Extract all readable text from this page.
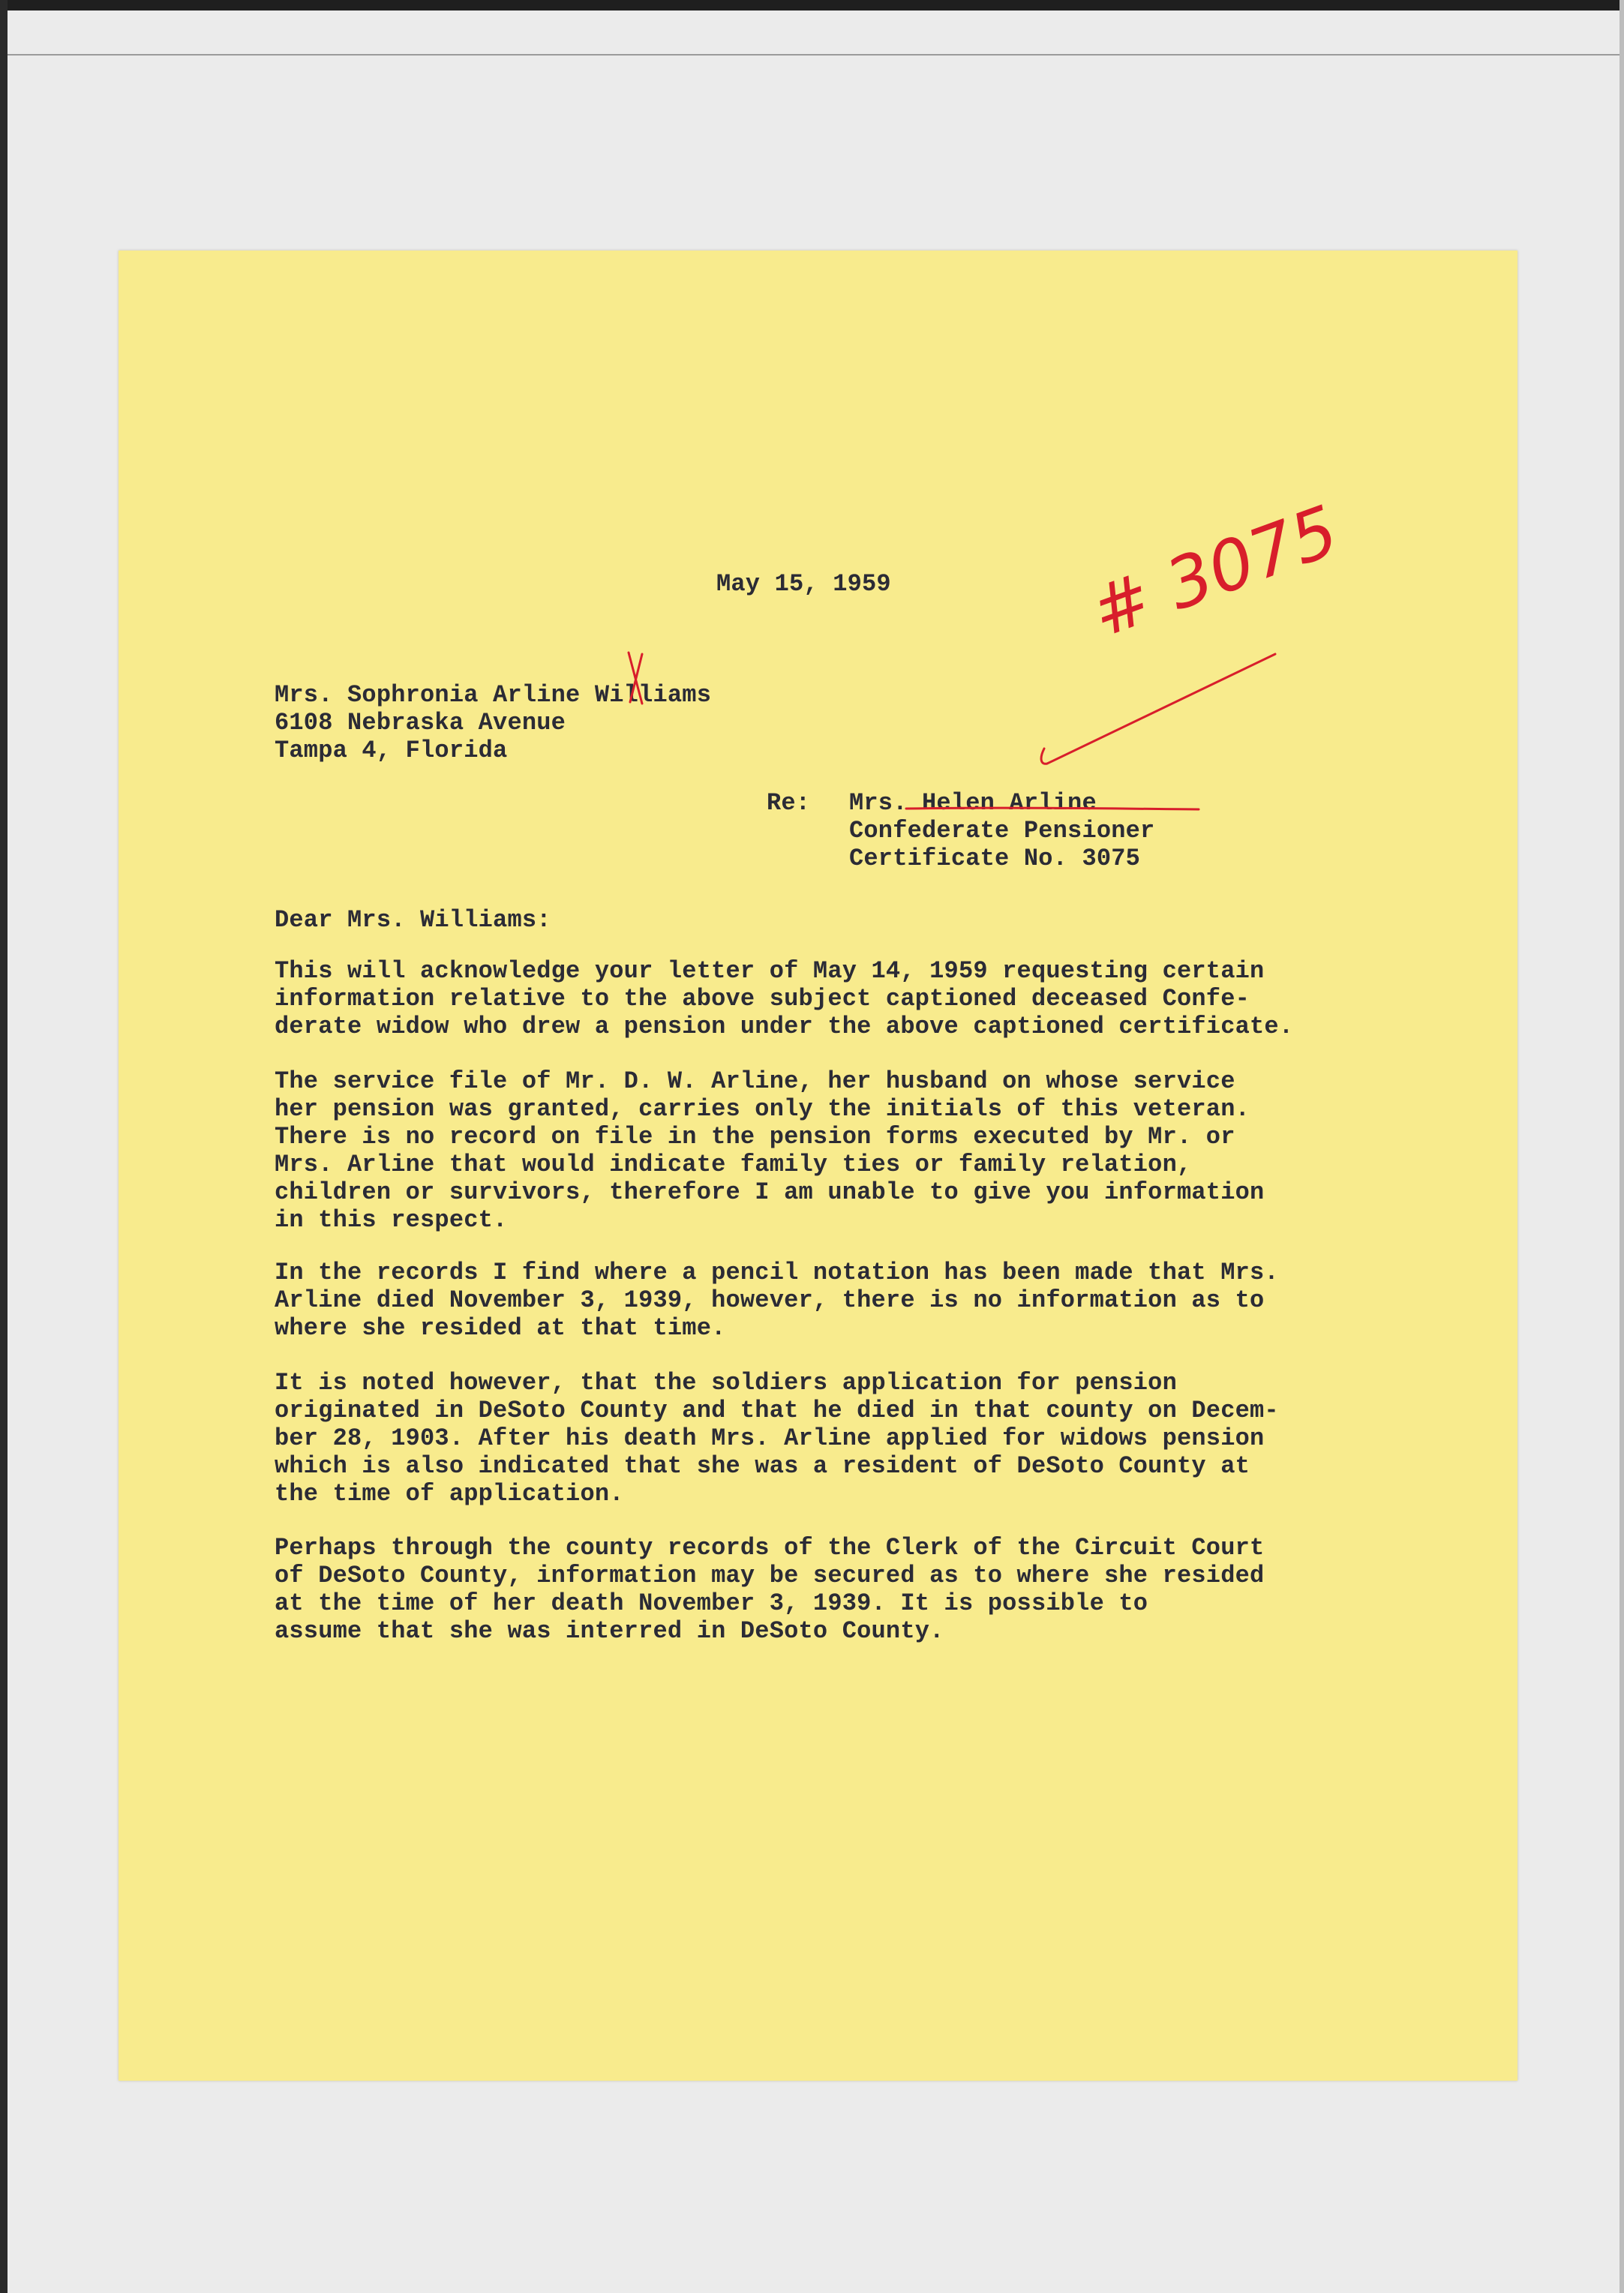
May 15, 1959
Mrs. Sophronia Arline Williams
6108 Nebraska Avenue
Tampa 4, Florida
Re: Mrs. Helen Arline
Confederate Pensioner
Certificate No. 3075
Dear Mrs. Williams:
This will acknowledge your letter of May 14, 1959 requesting certain
information relative to the above subject captioned deceased Confe-
derate widow who drew a pension under the above captioned certificate.
The service file of Mr. D. W. Arline, her husband on whose service
her pension was granted, carries only the initials of this veteran.
There is no record on file in the pension forms executed by Mr. or
Mrs. Arline that would indicate family ties or family relation,
children or survivors, therefore I am unable to give you information
in this respect.
In the records I find where a pencil notation has been made that Mrs.
Arline died November 3, 1939, however, there is no information as to
where she resided at that time.
It is noted however, that the soldiers application for pension
originated in DeSoto County and that he died in that county on Decem-
ber 28, 1903. After his death Mrs. Arline applied for widows pension
which is also indicated that she was a resident of DeSoto County at
the time of application.
Perhaps through the county records of the Clerk of the Circuit Court
of DeSoto County, information may be secured as to where she resided
at the time of her death November 3, 1939. It is possible to
assume that she was interred in DeSoto County.
# 3075
